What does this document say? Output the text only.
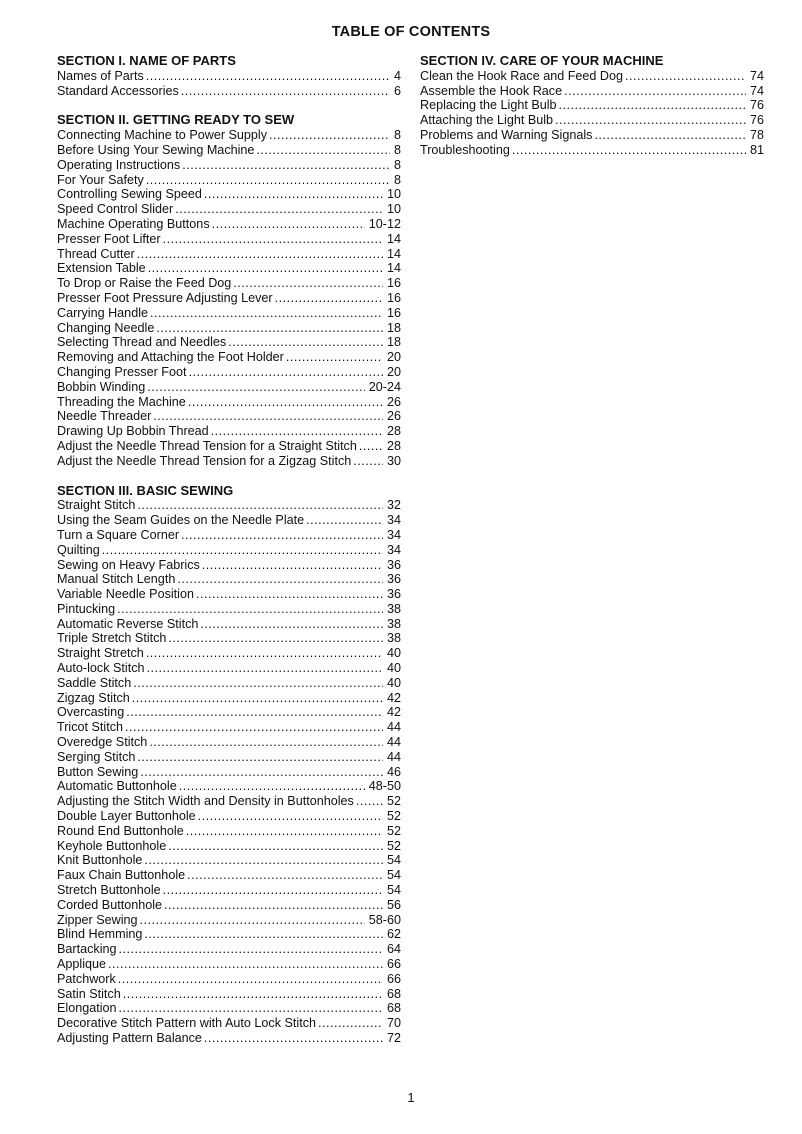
TABLE OF CONTENTS
SECTION I. NAME OF PARTS
Names of Parts .....	4
Standard Accessories .....	6
SECTION II. GETTING READY TO SEW
Connecting Machine to Power Supply .....	8
Before Using Your Sewing Machine .....	8
Operating Instructions .....	8
For Your Safety .....	8
Controlling Sewing Speed .....	10
Speed Control Slider .....	10
Machine Operating Buttons .....	10-12
Presser Foot Lifter .....	14
Thread Cutter .....	14
Extension Table .....	14
To Drop or Raise the Feed Dog .....	16
Presser Foot Pressure Adjusting Lever .....	16
Carrying Handle .....	16
Changing Needle .....	18
Selecting Thread and Needles .....	18
Removing and Attaching the Foot Holder .....	20
Changing Presser Foot .....	20
Bobbin Winding .....	20-24
Threading the Machine .....	26
Needle Threader .....	26
Drawing Up Bobbin Thread .....	28
Adjust the Needle Thread Tension for a Straight Stitch .....	28
Adjust the Needle Thread Tension for a Zigzag Stitch .....	30
SECTION III. BASIC SEWING
Straight Stitch .....	32
Using the Seam Guides on the Needle Plate .....	34
Turn a Square Corner .....	34
Quilting .....	34
Sewing on Heavy Fabrics .....	36
Manual Stitch Length .....	36
Variable Needle Position .....	36
Pintucking .....	38
Automatic Reverse Stitch .....	38
Triple Stretch Stitch .....	38
Straight Stretch .....	40
Auto-lock Stitch .....	40
Saddle Stitch .....	40
Zigzag Stitch .....	42
Overcasting .....	42
Tricot Stitch .....	44
Overedge Stitch .....	44
Serging Stitch .....	44
Button Sewing .....	46
Automatic Buttonhole .....	48-50
Adjusting the Stitch Width and Density in Buttonholes .....	52
Double Layer Buttonhole .....	52
Round End Buttonhole .....	52
Keyhole Buttonhole .....	52
Knit Buttonhole .....	54
Faux Chain Buttonhole .....	54
Stretch Buttonhole .....	54
Corded Buttonhole .....	56
Zipper Sewing .....	58-60
Blind Hemming .....	62
Bartacking .....	64
Applique .....	66
Patchwork .....	66
Satin Stitch .....	68
Elongation .....	68
Decorative Stitch Pattern with Auto Lock Stitch .....	70
Adjusting Pattern Balance .....	72
SECTION IV. CARE OF YOUR MACHINE
Clean the Hook Race and Feed Dog .....	74
Assemble the Hook Race .....	74
Replacing the Light Bulb .....	76
Attaching the Light Bulb .....	76
Problems and Warning Signals .....	78
Troubleshooting .....	81
1
